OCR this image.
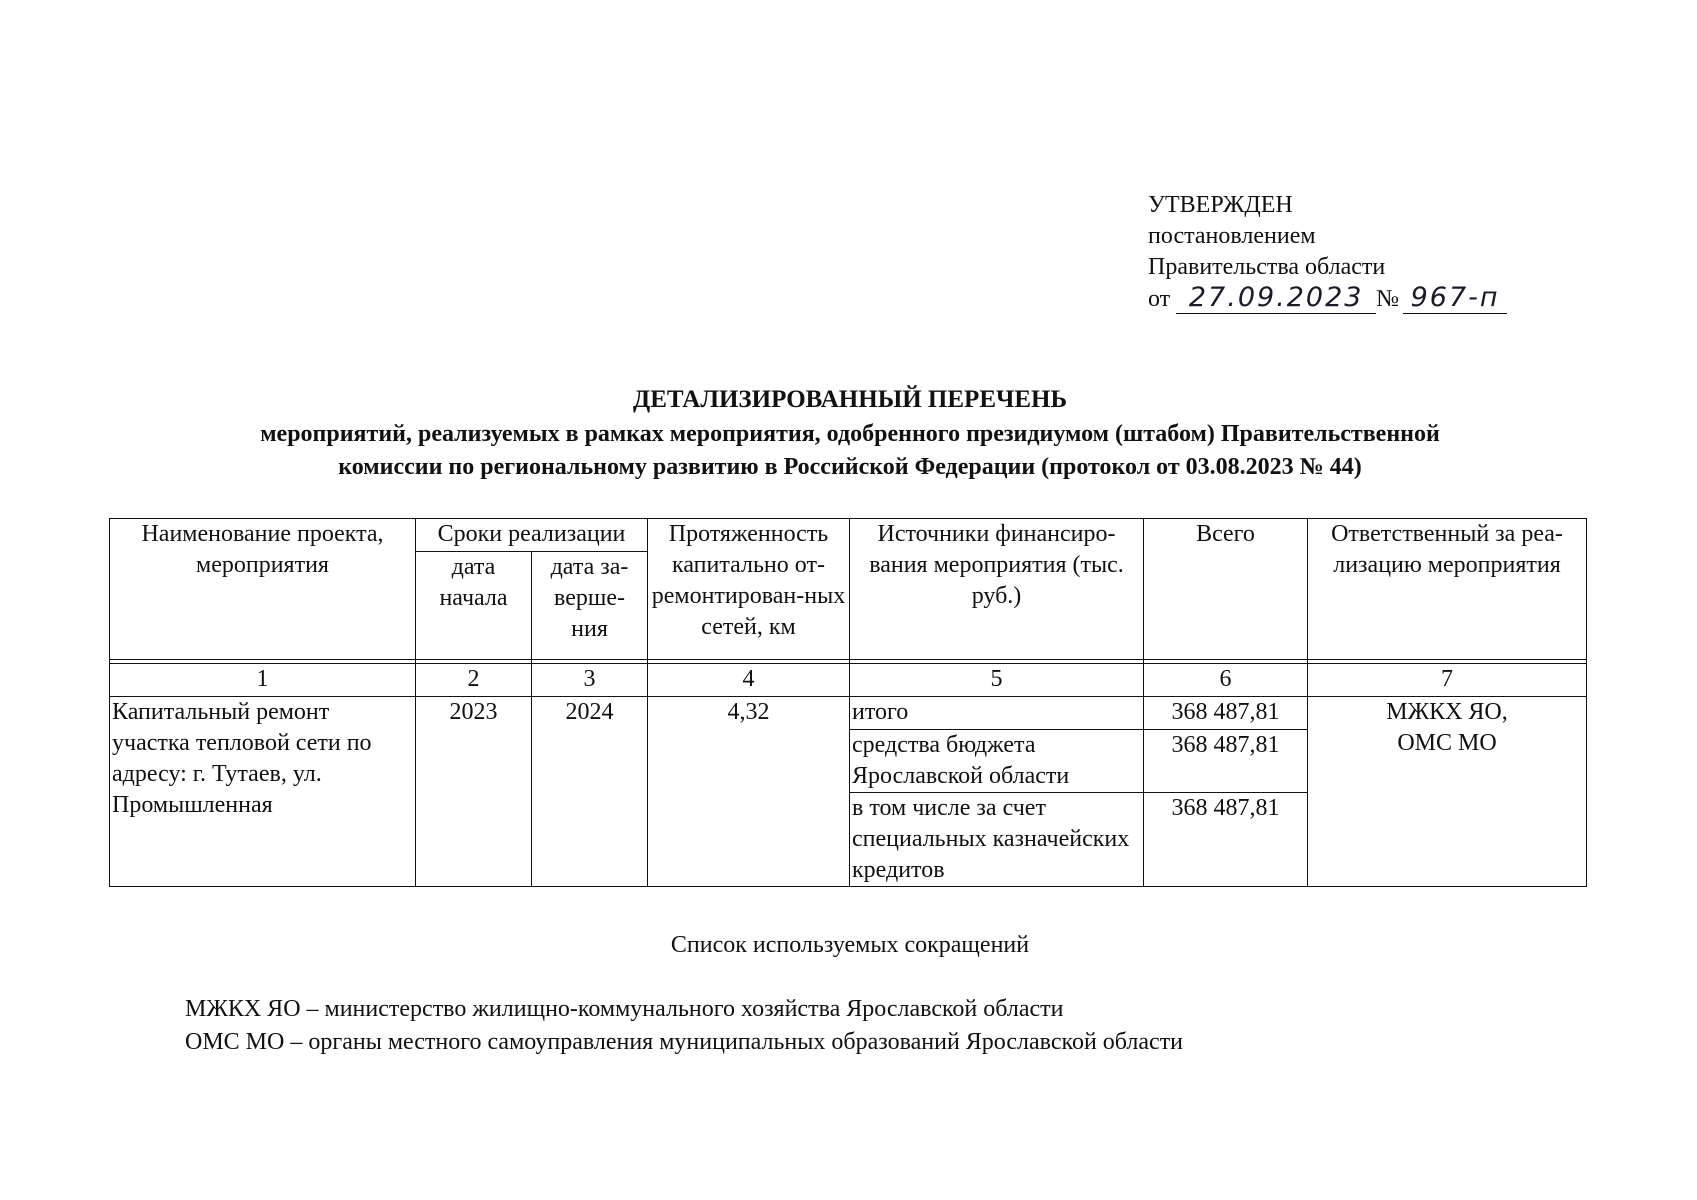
УТВЕРЖДЕН
постановлением
Правительства области
от 27.09.2023 № 967-п
ДЕТАЛИЗИРОВАННЫЙ ПЕРЕЧЕНЬ
мероприятий, реализуемых в рамках мероприятия, одобренного президиумом (штабом) Правительственной
комиссии по региональному развитию в Российской Федерации (протокол от 03.08.2023 № 44)
Наименование проекта, мероприятия	Сроки реализации		Протяженность капитально от-ремонтирован-ных сетей, км	Источники финансиро-вания мероприятия (тыс. руб.)	Всего	Ответственный за реа-лизацию мероприятия
	дата начала	дата за-верше-ния				

1	2	3	4	5	6	7
Капитальный ремонт участка тепловой сети по адресу: г. Тутаев, ул. Промышленная	2023	2024	4,32	итого	368 487,81	МЖКХ ЯО,
ОМС МО

				средства бюджета Ярославской области	368 487,81	
				в том числе за счет специальных казначейских кредитов	368 487,81	
Список используемых сокращений
МЖКХ ЯО – министерство жилищно-коммунального хозяйства Ярославской области
ОМС МО – органы местного самоуправления муниципальных образований Ярославской области
